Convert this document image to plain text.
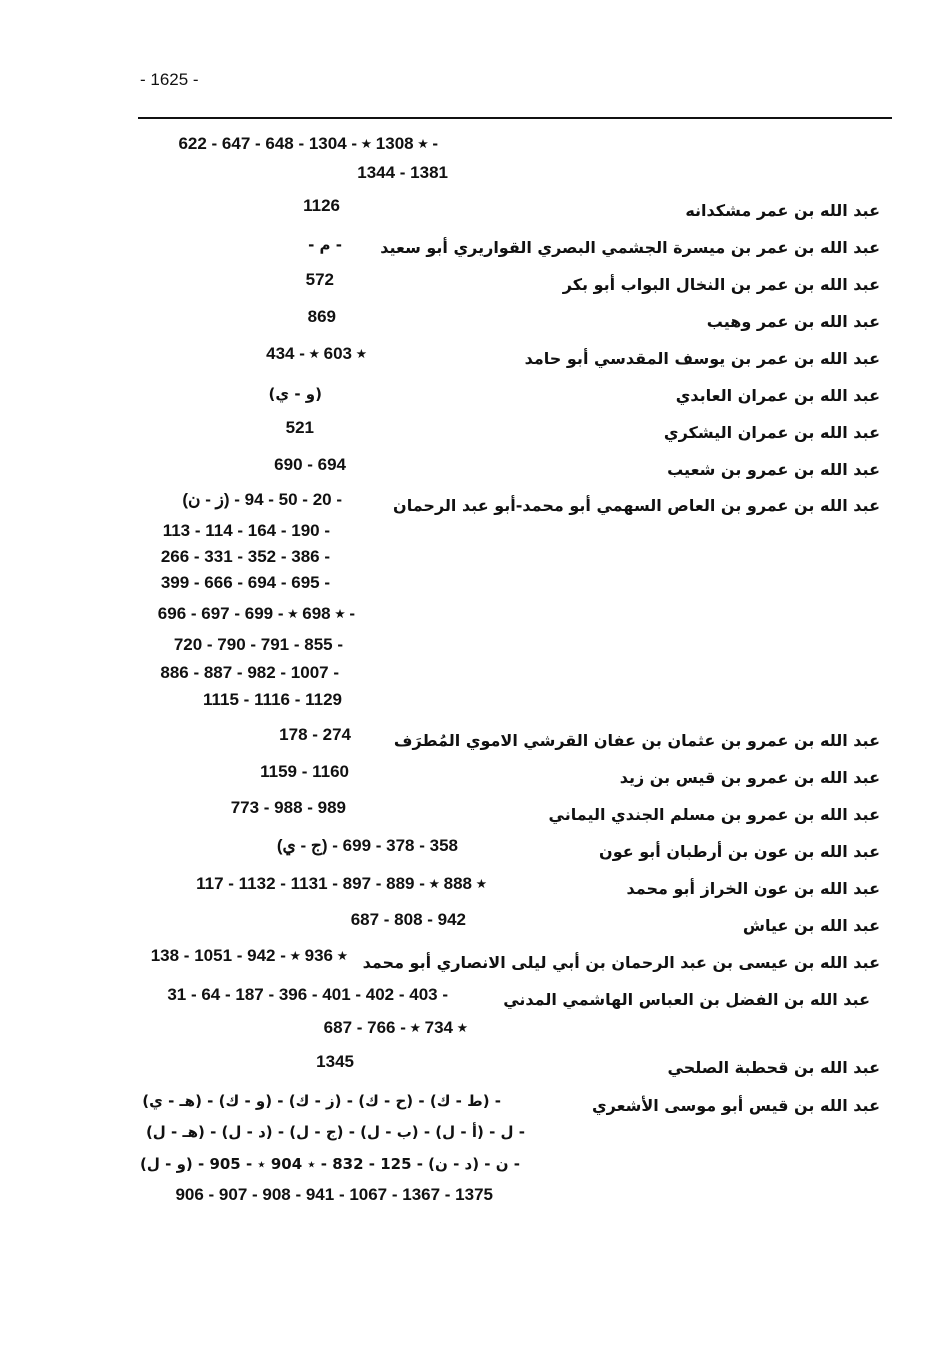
- 1625 -
622 - 647 - 648 - 1304 - ٭ 1308 ٭ -
1344 - 1381
عبد الله بن عمر مشكدانه
1126
عبد الله بن عمر بن ميسرة الجشمي البصري القواريري أبو سعيد
- م -
عبد الله بن عمر بن النخال البواب أبو بكر
572
عبد الله بن عمر وهيب
869
عبد الله بن عمر بن يوسف المقدسي أبو حامد
434 - ٭ 603 ٭
عبد الله بن عمران العابدي
(و - ي)
عبد الله بن عمران اليشكري
521
عبد الله بن عمرو بن شعيب
690 - 694
عبد الله بن عمرو بن العاص السهمي أبو محمد-أبو عبد الرحمان
(ز - ن) - 20 - 50 - 94 -
113 - 114 - 164 - 190 -
266 - 331 - 352 - 386 -
399 - 666 - 694 - 695 -
696 - 697 - ٭ 698 ٭ - 699 -
720 - 790 - 791 - 855 -
886 - 887 - 982 - 1007 -
1115 - 1116 - 1129
عبد الله بن عمرو بن عثمان بن عفان القرشي الاموي المُطرَف
178 - 274
عبد الله بن عمرو بن قيس بن زيد
1159 - 1160
عبد الله بن عمرو بن مسلم الجندي اليماني
773 - 988 - 989
عبد الله بن عون بن أرطبان أبو عون
(ج - ي) - 358 - 378 - 699
عبد الله بن عون الخراز أبو محمد
117 - ٭ 888 ٭ - 889 - 897 - 1131 - 1132
عبد الله بن عياش
687 - 808 - 942
عبد الله بن عيسى بن عبد الرحمان بن أبي ليلى الانصاري أبو محمد
138 - ٭ 936 ٭ - 942 - 1051
عبد الله بن الفضل بن العباس الهاشمي المدني
31 - 64 - 187 - 396 - 401 - 402 - 403 -
687 - ٭ 734 ٭ - 766
عبد الله بن قحطبة الصلحي
1345
عبد الله بن قيس أبو موسى الأشعري
(هـ - ي) - (و - ك) - (ز - ك) - (ح - ك) - (ط - ك) -
ل - (أ - ل) - (ب - ل) - (ج - ل) - (د - ل) - (هـ - ل) -
(و - ل) - ن - (د - ن) - 125 - 832 - ٭ 904 ٭ - 905 -
906 - 907 - 908 - 941 - 1067 - 1367 - 1375
